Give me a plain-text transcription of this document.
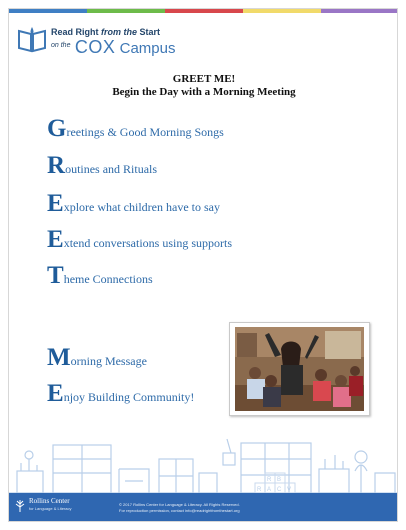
Read Right from the Start
$^{on the}$ COX Campus
GREET ME!
Begin the Day with a Morning Meeting
Greetings & Good Morning Songs
Routines and Rituals
Explore what children have to say
Extend conversations using supports
Theme Connections
Morning Message
Enjoy Building Community!
R B
R A C V
Rollins Center
for Language & Literacy
© 2017 Rollins Center for Language & Literacy. All Rights Reserved.
For reproduction permission, contact info@readrightfromthestart.org
